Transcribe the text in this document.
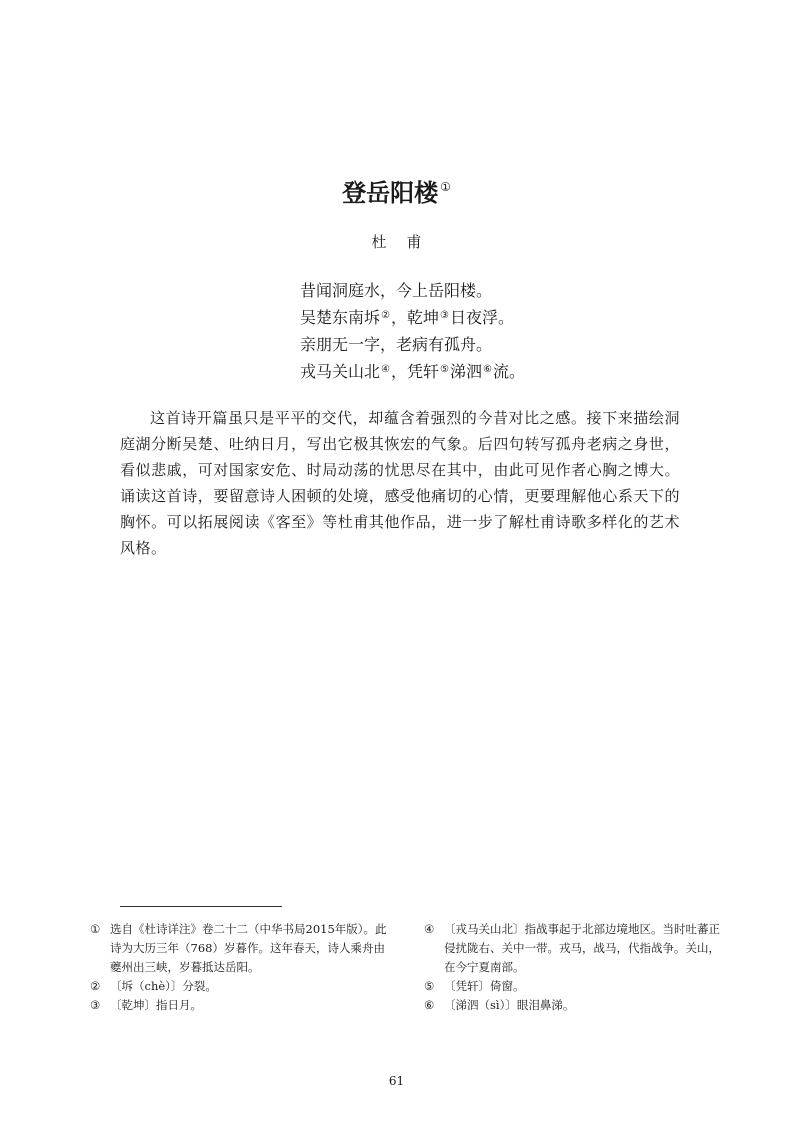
登岳阳楼 ①
杜甫
昔闻洞庭水，今上岳阳楼。
吴楚东南坼②，乾坤③日夜浮。
亲朋无一字，老病有孤舟。
戎马关山北④，凭轩⑤涕泗⑥流。
这首诗开篇虽只是平平的交代，却蕴含着强烈的今昔对比之感。接下来描绘洞庭湖分断吴楚、吐纳日月，写出它极其恢宏的气象。后四句转写孤舟老病之身世，看似悲戚，可对国家安危、时局动荡的忧思尽在其中，由此可见作者心胸之博大。诵读这首诗，要留意诗人困顿的处境，感受他痛切的心情，更要理解他心系天下的胸怀。可以拓展阅读《客至》等杜甫其他作品，进一步了解杜甫诗歌多样化的艺术风格。
① 选自《杜诗详注》卷二十二（中华书局2015年版）。此诗为大历三年（768）岁暮作。这年春天，诗人乘舟由夔州出三峡，岁暮抵达岳阳。
② 〔坼（chè）〕分裂。
③ 〔乾坤〕指日月。
④ 〔戎马关山北〕指战事起于北部边境地区。当时吐蕃正侵扰陇右、关中一带。戎马，战马，代指战争。关山，在今宁夏南部。
⑤ 〔凭轩〕倚窗。
⑥ 〔涕泗（sì）〕眼泪鼻涕。
61
